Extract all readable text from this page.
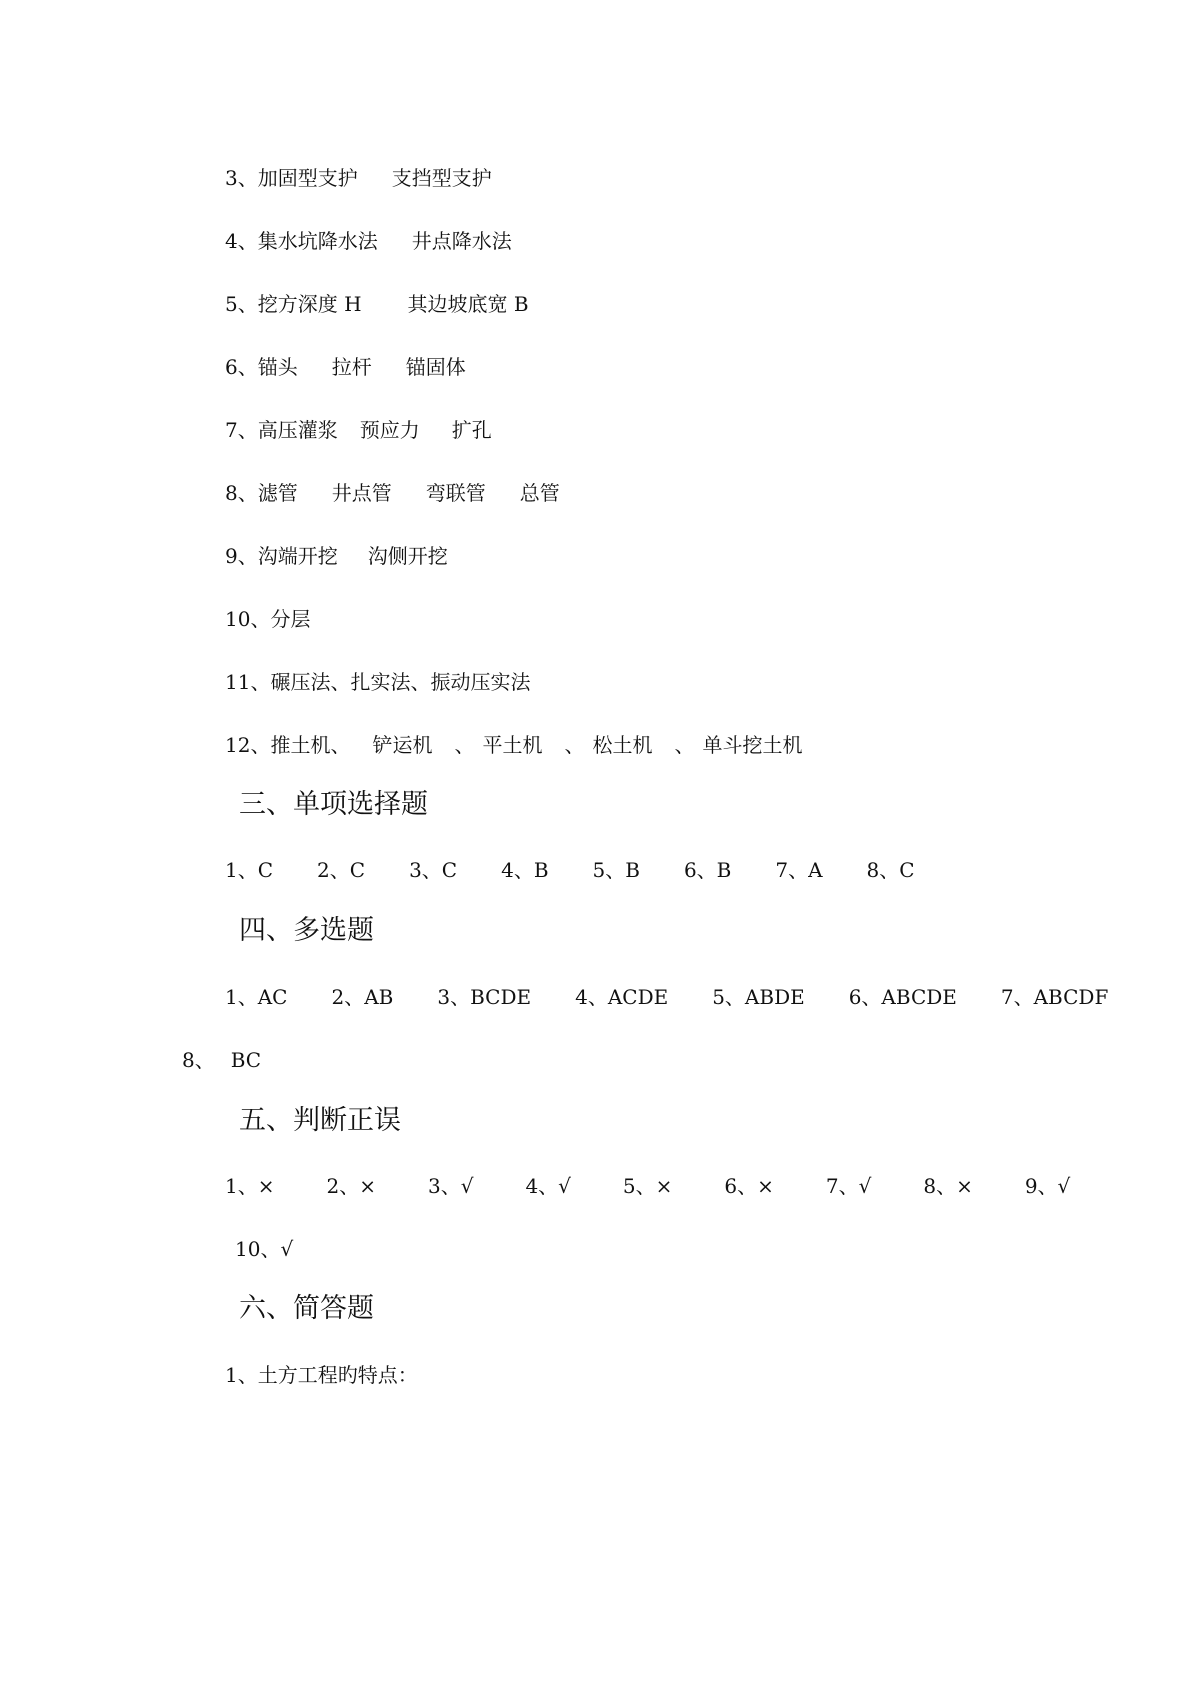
3、加固型支护 支挡型支护
4、集水坑降水法 井点降水法
5、挖方深度 H 其边坡底宽 B
6、锚头 拉杆 锚固体
7、高压灌浆 预应力 扩孔
8、滤管 井点管 弯联管 总管
9、沟端开挖 沟侧开挖
10、分层
11、碾压法、扎实法、振动压实法
12、推土机、 铲运机 、 平土机 、 松土机 、 单斗挖土机
三、单项选择题
1、C 2、C 3、C 4、B 5、B 6、B 7、A 8、C
四、多选题
1、AC 2、AB 3、BCDE 4、ACDE 5、ABDE 6、ABCDE 7、ABCDF
8、 BC
五、判断正误
1、×	2、×	3、√	4、√	5、×	6、×	7、√	8、×	9、√
10、√
六、简答题
1、土方工程旳特点：
